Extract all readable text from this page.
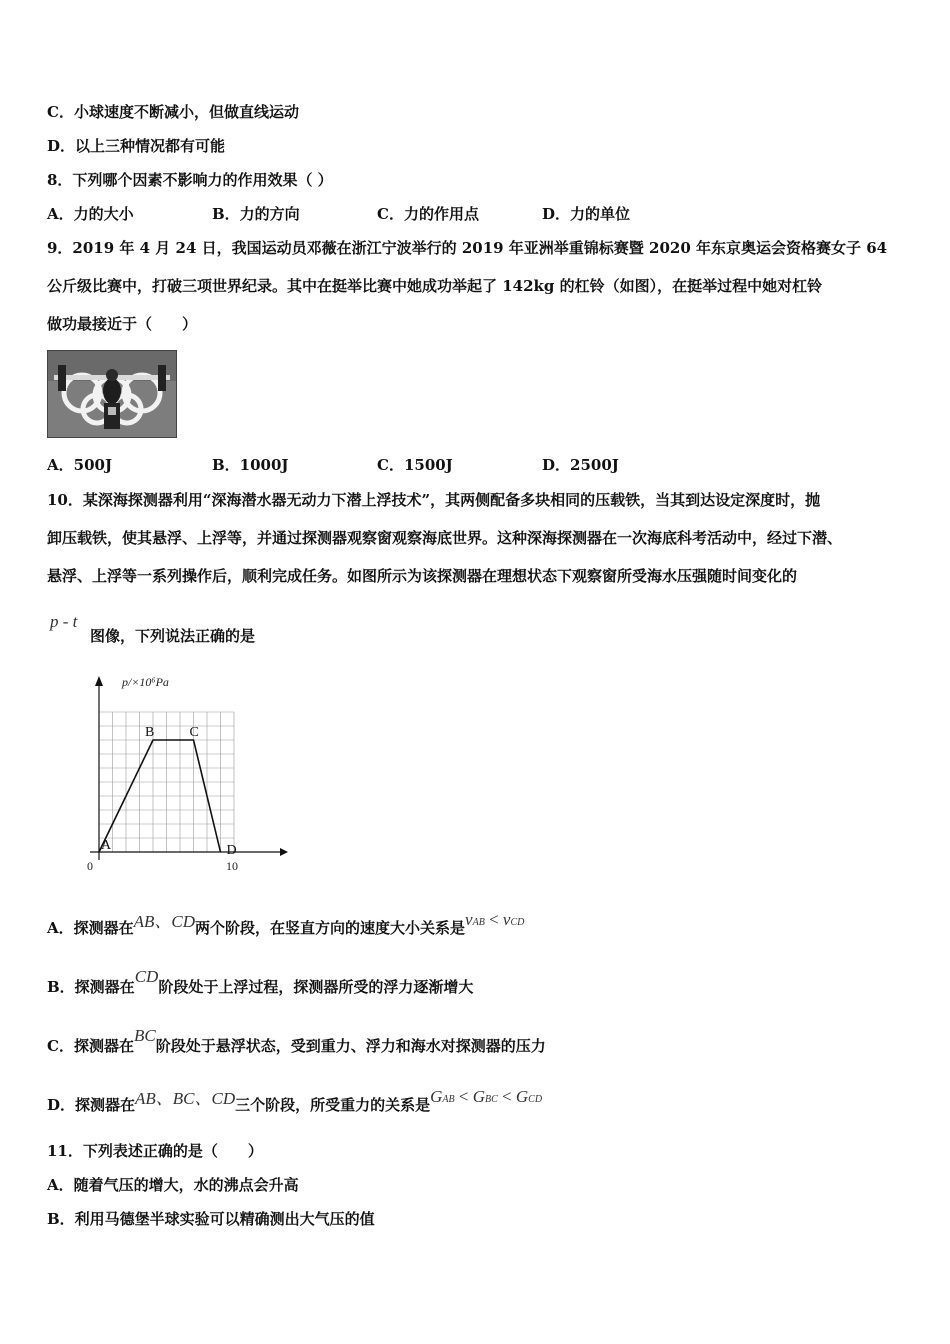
C．小球速度不断减小，但做直线运动
D．以上三种情况都有可能
8．下列哪个因素不影响力的作用效果（ ）
A．力的大小	B．力的方向	C．力的作用点	D．力的单位
9．2019 年 4 月 24 日，我国运动员邓薇在浙江宁波举行的 2019 年亚洲举重锦标赛暨 2020 年东京奥运会资格赛女子 64
公斤级比赛中，打破三项世界纪录。其中在挺举比赛中她成功举起了 142kg 的杠铃（如图），在挺举过程中她对杠铃
做功最接近于（　　）
A．500J	B．1000J	C．1500J	D．2500J
10．某深海探测器利用“深海潜水器无动力下潜上浮技术”，其两侧配备多块相同的压载铁，当其到达设定深度时，抛
卸压载铁，使其悬浮、上浮等，并通过探测器观察窗观察海底世界。这种深海探测器在一次海底科考活动中，经过下潜、
悬浮、上浮等一系列操作后，顺利完成任务。如图所示为该探测器在理想状态下观察窗所受海水压强随时间变化的
p - t
图像，下列说法正确的是
p/×10⁶Pa
0	10
A
B	C
D
A．探测器在AB、CD两个阶段，在竖直方向的速度大小关系是vAB < vCD
B．探测器在CD阶段处于上浮过程，探测器所受的浮力逐渐增大
C．探测器在BC阶段处于悬浮状态，受到重力、浮力和海水对探测器的压力
D．探测器在AB、BC、CD三个阶段，所受重力的关系是GAB < GBC < GCD
11．下列表述正确的是（　　）
A．随着气压的增大，水的沸点会升高
B．利用马德堡半球实验可以精确测出大气压的值
